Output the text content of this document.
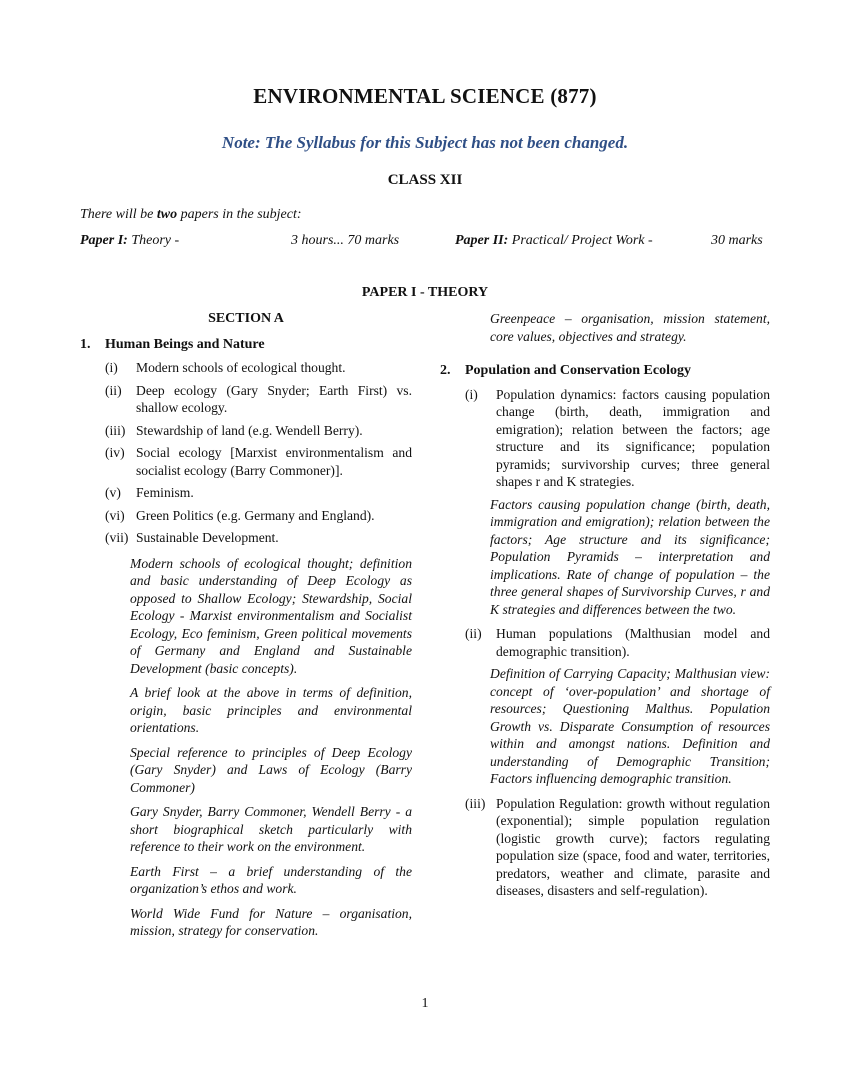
ENVIRONMENTAL SCIENCE (877)
Note: The Syllabus for this Subject has not been changed.
CLASS XII
There will be two papers in the subject:
Paper I: Theory -	3 hours... 70 marks	Paper II: Practical/ Project Work -	30 marks
PAPER I - THEORY
SECTION A
1.	Human Beings and Nature
(i)	Modern schools of ecological thought.
(ii)	Deep ecology (Gary Snyder; Earth First) vs. shallow ecology.
(iii) Stewardship of land (e.g. Wendell Berry).
(iv) Social ecology [Marxist environmentalism and socialist ecology (Barry Commoner)].
(v)	Feminism.
(vi) Green Politics (e.g. Germany and England).
(vii) Sustainable Development.
Modern schools of ecological thought; definition and basic understanding of Deep Ecology as opposed to Shallow Ecology; Stewardship, Social Ecology - Marxist environmentalism and Socialist Ecology, Eco feminism, Green political movements of Germany and England and Sustainable Development (basic concepts).
A brief look at the above in terms of definition, origin, basic principles and environmental orientations.
Special reference to principles of Deep Ecology (Gary Snyder) and Laws of Ecology (Barry Commoner)
Gary Snyder, Barry Commoner, Wendell Berry - a short biographical sketch particularly with reference to their work on the environment.
Earth First – a brief understanding of the organization’s ethos and work.
World Wide Fund for Nature – organisation, mission, strategy for conservation.
Greenpeace – organisation, mission statement, core values, objectives and strategy.
2.	Population and Conservation Ecology
(i)	Population dynamics: factors causing population change (birth, death, immigration and emigration); relation between the factors; age structure and its significance; population pyramids; survivorship curves; three general shapes r and K strategies.
Factors causing population change (birth, death, immigration and emigration); relation between the factors; Age structure and its significance; Population Pyramids – interpretation and implications. Rate of change of population – the three general shapes of Survivorship Curves, r and K strategies and differences between the two.
(ii)	Human populations (Malthusian model and demographic transition).
Definition of Carrying Capacity; Malthusian view: concept of ‘over-population’ and shortage of resources; Questioning Malthus. Population Growth vs. Disparate Consumption of resources within and amongst nations. Definition and understanding of Demographic Transition; Factors influencing demographic transition.
(iii) Population Regulation: growth without regulation (exponential); simple population regulation (logistic growth curve); factors regulating population size (space, food and water, territories, predators, weather and climate, parasite and diseases, disasters and self-regulation).
1
